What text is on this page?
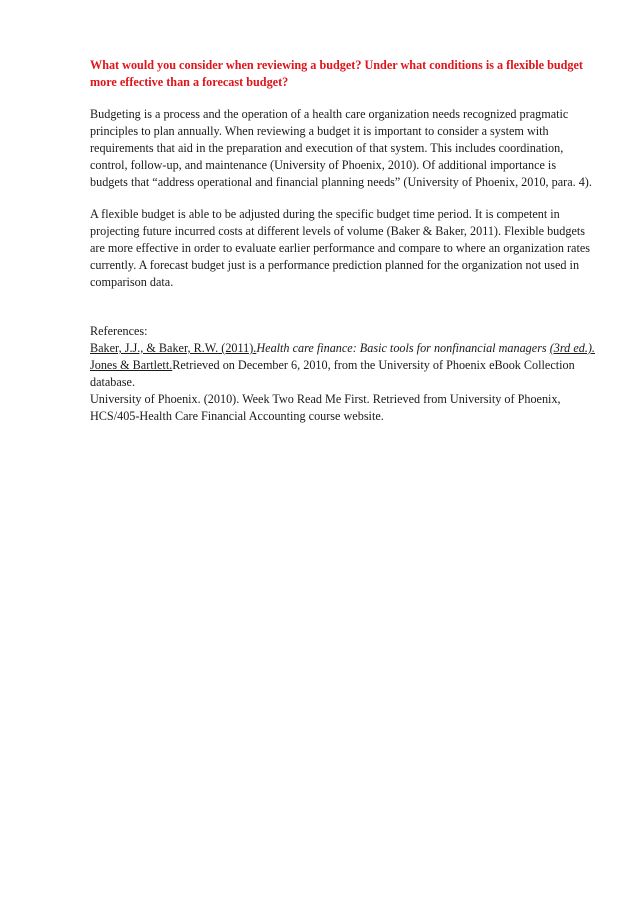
What would you consider when reviewing a budget? Under what conditions is a flexible budget more effective than a forecast budget?

Budgeting is a process and the operation of a health care organization needs recognized pragmatic principles to plan annually. When reviewing a budget it is important to consider a system with requirements that aid in the preparation and execution of that system. This includes coordination, control, follow-up, and maintenance (University of Phoenix, 2010). Of additional importance is budgets that “address operational and financial planning needs” (University of Phoenix, 2010, para. 4).

A flexible budget is able to be adjusted during the specific budget time period. It is competent in projecting future incurred costs at different levels of volume (Baker & Baker, 2011). Flexible budgets are more effective in order to evaluate earlier performance and compare to where an organization rates currently. A forecast budget just is a performance prediction planned for the organization not used in comparison data.

References:

Baker, J.J., & Baker, R.W. (2011).Health care finance: Basic tools for nonfinancial managers (3rd ed.). Jones & Bartlett.Retrieved on December 6, 2010, from the University of Phoenix eBook Collection database.

University of Phoenix. (2010). Week Two Read Me First. Retrieved from University of Phoenix, HCS/405-Health Care Financial Accounting course website.
